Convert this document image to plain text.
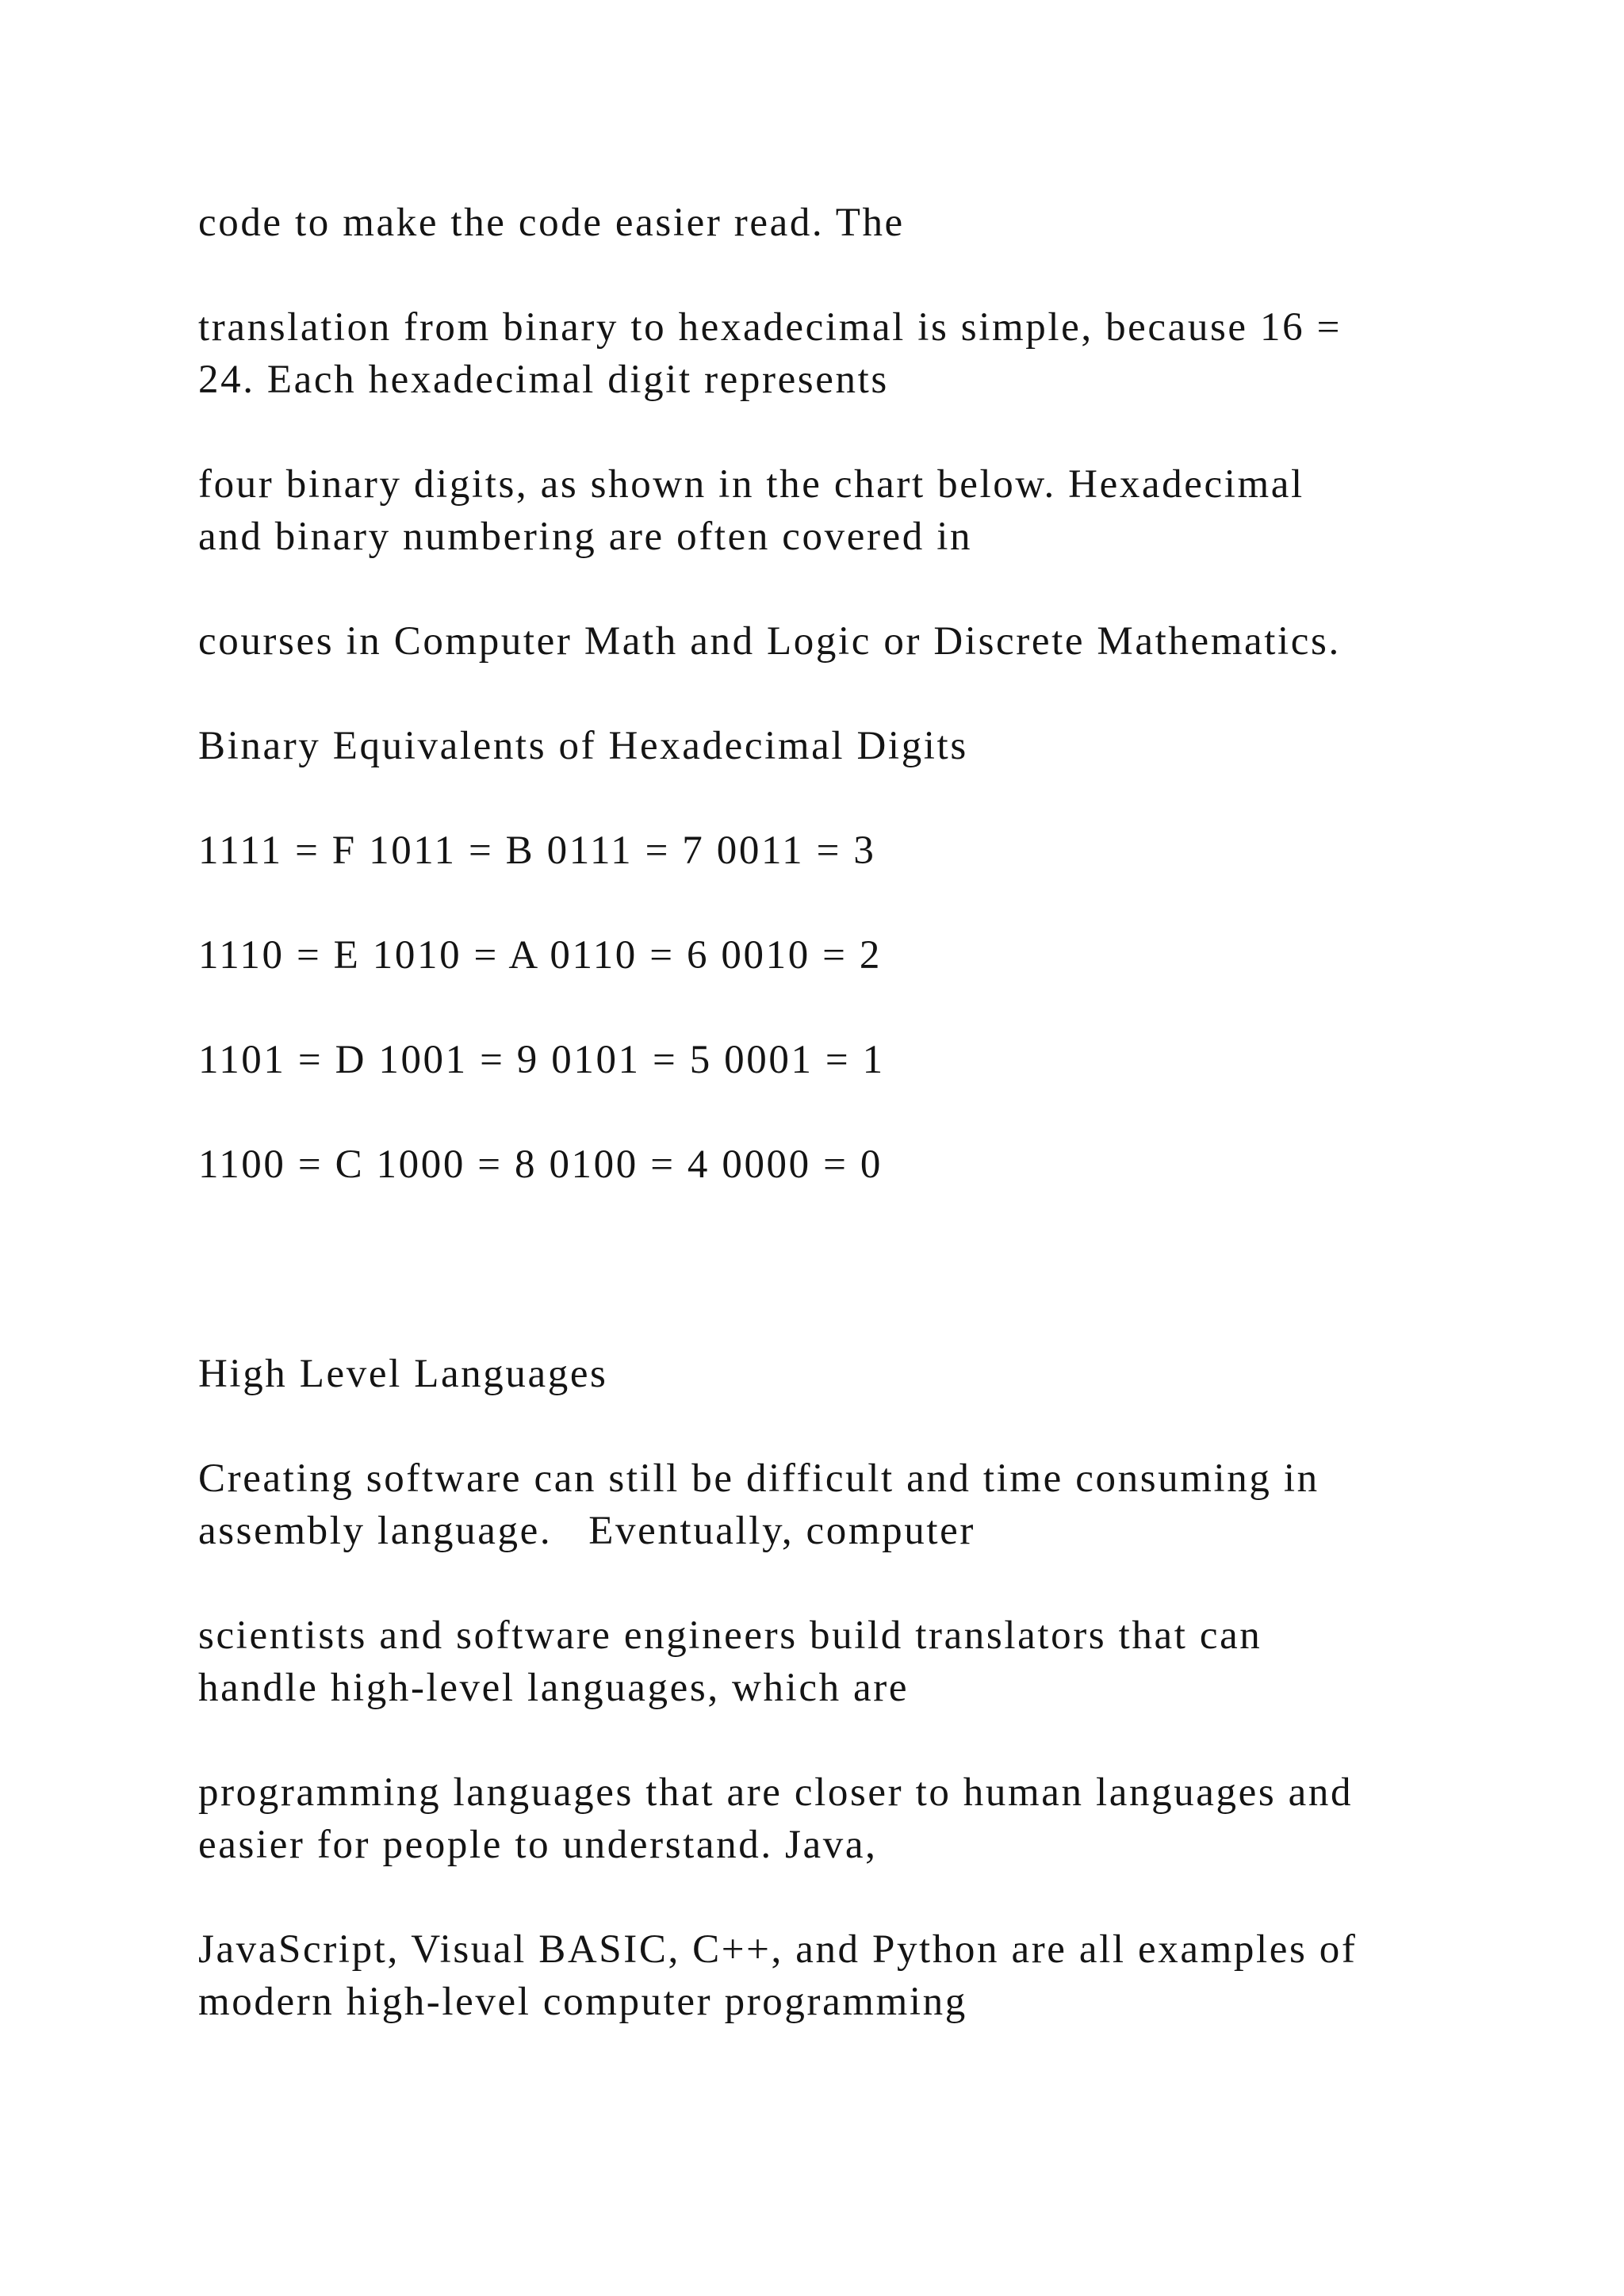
code to make the code easier read. The

translation from binary to hexadecimal is simple, because 16 =
24. Each hexadecimal digit represents

four binary digits, as shown in the chart below. Hexadecimal
and binary numbering are often covered in

courses in Computer Math and Logic or Discrete Mathematics.

Binary Equivalents of Hexadecimal Digits

1111 = F 1011 = B 0111 = 7 0011 = 3

1110 = E 1010 = A 0110 = 6 0010 = 2

1101 = D 1001 = 9 0101 = 5 0001 = 1

1100 = C 1000 = 8 0100 = 4 0000 = 0

High Level Languages

Creating software can still be difficult and time consuming in
assembly language.   Eventually, computer

scientists and software engineers build translators that can
handle high-level languages, which are

programming languages that are closer to human languages and
easier for people to understand. Java,

JavaScript, Visual BASIC, C++, and Python are all examples of
modern high-level computer programming
